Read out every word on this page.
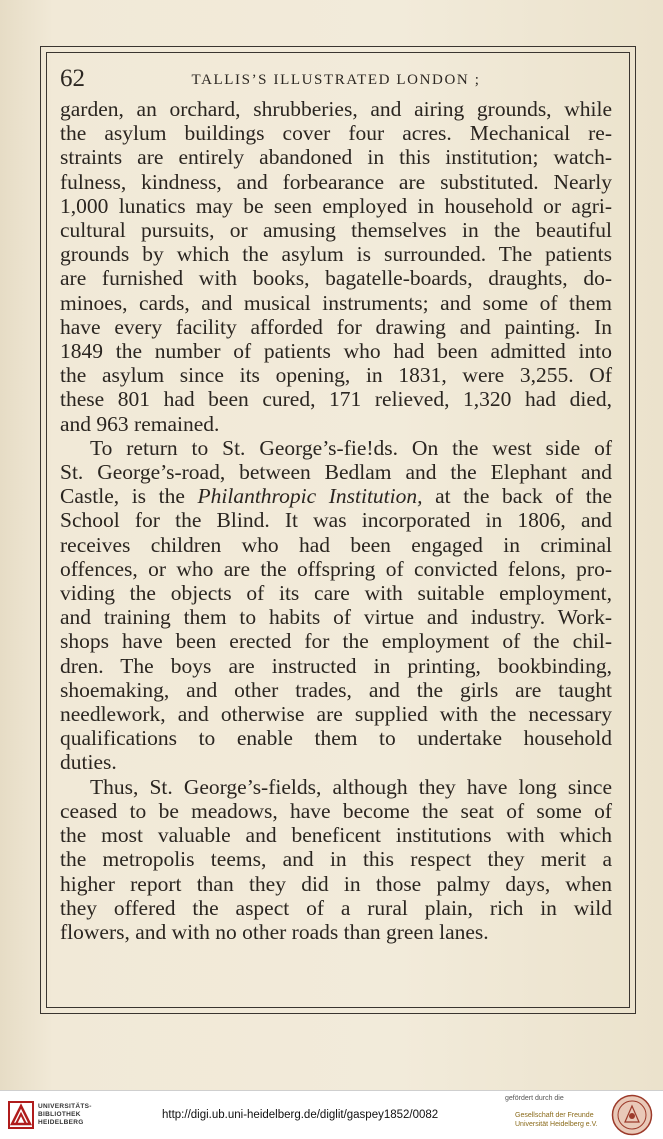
62	TALLIS’S ILLUSTRATED LONDON ;

garden, an orchard, shrubberies, and airing grounds, while

the asylum buildings cover four acres. Mechanical re-

straints are entirely abandoned in this institution; watch-

fulness, kindness, and forbearance are substituted. Nearly

1,000 lunatics may be seen employed in household or agri-

cultural pursuits, or amusing themselves in the beautiful

grounds by which the asylum is surrounded. The patients

are furnished with books, bagatelle-boards, draughts, do-

minoes, cards, and musical instruments; and some of them

have every facility afforded for drawing and painting. In

1849 the number of patients who had been admitted into

the asylum since its opening, in 1831, were 3,255. Of

these 801 had been cured, 171 relieved, 1,320 had died,

and 963 remained.

To return to St. George’s-fie!ds. On the west side of

St. George’s-road, between Bedlam and the Elephant and

Castle, is the Philanthropic Institution, at the back of the

School for the Blind. It was incorporated in 1806, and

receives children who had been engaged in criminal

offences, or who are the offspring of convicted felons, pro-

viding the objects of its care with suitable employment,

and training them to habits of virtue and industry. Work-

shops have been erected for the employment of the chil-

dren. The boys are instructed in printing, bookbinding,

shoemaking, and other trades, and the girls are taught

needlework, and otherwise are supplied with the necessary

qualifications to enable them to undertake household

duties.

Thus, St. George’s-fields, although they have long since

ceased to be meadows, have become the seat of some of

the most valuable and beneficent institutions with which

the metropolis teems, and in this respect they merit a

higher report than they did in those palmy days, when

they offered the aspect of a rural plain, rich in wild

flowers, and with no other roads than green lanes.

UNIVERSITÄTS-
BIBLIOTHEK
HEIDELBERG
http://digi.ub.uni-heidelberg.de/diglit/gaspey1852/0082
gefördert durch die
Gesellschaft der Freunde
Universität Heidelberg e.V.
